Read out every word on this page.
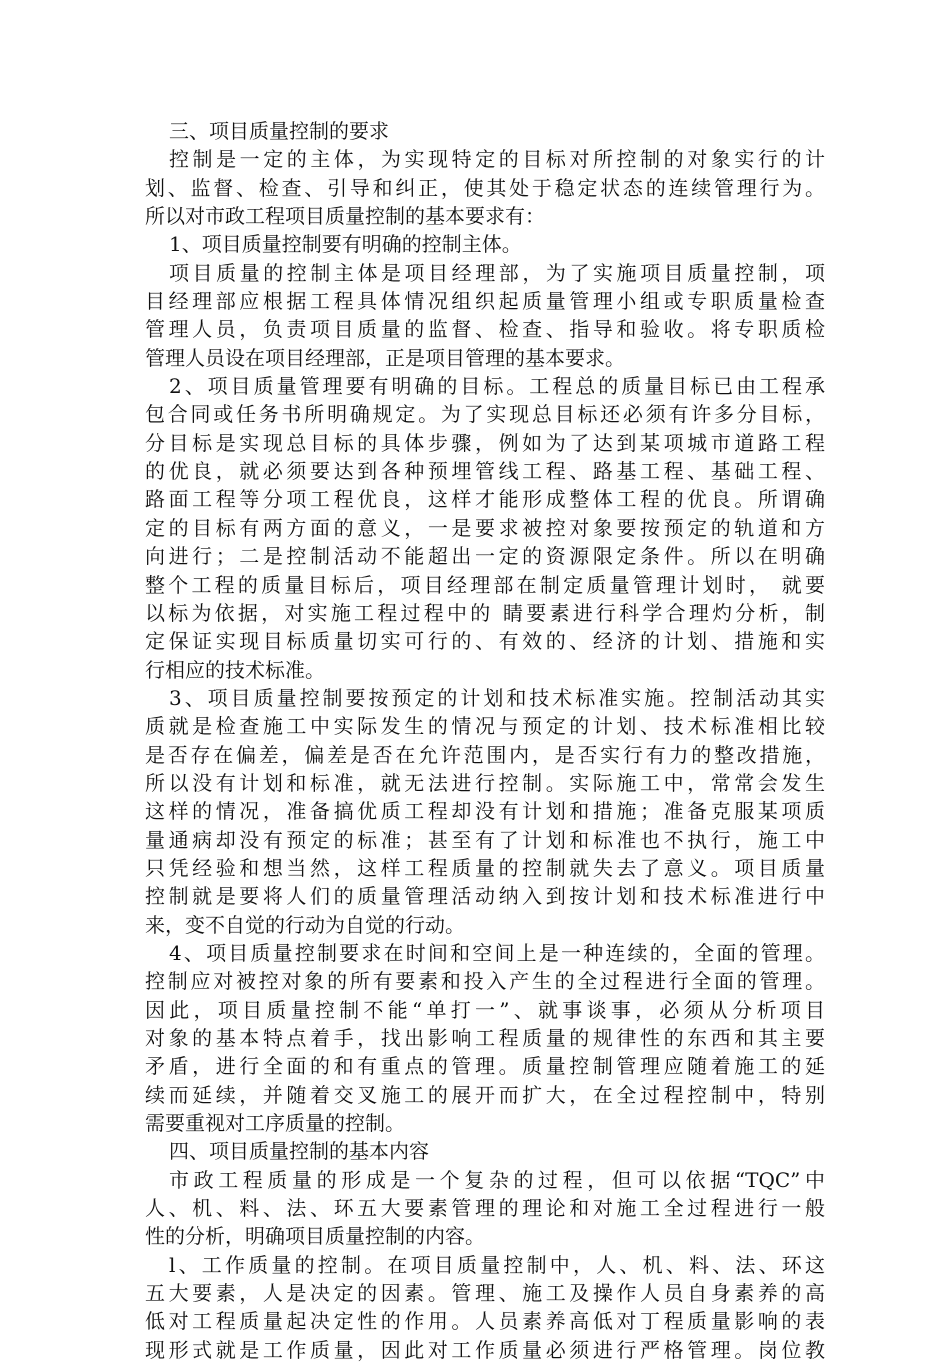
三、项目质量控制的要求
控制是一定的主体，为实现特定的目标对所控制的对象实行的计
划、监督、检查、引导和纠正，使其处于稳定状态的连续管理行为。
所以对市政工程项目质量控制的基本要求有：
1、项目质量控制要有明确的控制主体。
项目质量的控制主体是项目经理部，为了实施项目质量控制，项
目经理部应根据工程具体情况组织起质量管理小组或专职质量检查
管理人员，负责项目质量的监督、检查、指导和验收。将专职质检
管理人员设在项目经理部，正是项目管理的基本要求。
2、项目质量管理要有明确的目标。工程总的质量目标已由工程承
包合同或任务书所明确规定。为了实现总目标还必须有许多分目标，
分目标是实现总目标的具体步骤，例如为了达到某项城市道路工程
的优良，就必须要达到各种预埋管线工程、路基工程、基础工程、
路面工程等分项工程优良，这样才能形成整体工程的优良。所谓确
定的目标有两方面的意义，一是要求被控对象要按预定的轨道和方
向进行；二是控制活动不能超出一定的资源限定条件。所以在明确
整个工程的质量目标后，项目经理部在制定质量管理计划时， 就要
以标为依据，对实施工程过程中的 睛要素进行科学合理灼分析，制
定保证实现目标质量切实可行的、有效的、经济的计划、措施和实
行相应的技术标准。
3、项目质量控制要按预定的计划和技术标准实施。控制活动其实
质就是检查施工中实际发生的情况与预定的计划、技术标准相比较
是否存在偏差，偏差是否在允许范围内，是否实行有力的整改措施，
所以没有计划和标准，就无法进行控制。实际施工中，常常会发生
这样的情况，准备搞优质工程却没有计划和措施；准备克服某项质
量通病却没有预定的标准；甚至有了计划和标准也不执行，施工中
只凭经验和想当然，这样工程质量的控制就失去了意义。项目质量
控制就是要将人们的质量管理活动纳入到按计划和技术标准进行中
来，变不自觉的行动为自觉的行动。
4、项目质量控制要求在时间和空间上是一种连续的，全面的管理。
控制应对被控对象的所有要素和投入产生的全过程进行全面的管理。
因此，项目质量控制不能“单打一”、就事谈事，必须从分析项目
对象的基本特点着手，找出影响工程质量的规律性的东西和其主要
矛盾，进行全面的和有重点的管理。质量控制管理应随着施工的延
续而延续，并随着交叉施工的展开而扩大，在全过程控制中，特别
需要重视对工序质量的控制。
四、项目质量控制的基本内容
市政工程质量的形成是一个复杂的过程，但可以依据“TQC”中
人、机、料、法、环五大要素管理的理论和对施工全过程进行一般
性的分析，明确项目质量控制的内容。
l、工作质量的控制。在项目质量控制中，人、机、料、法、环这
五大要素，人是决定的因素。管理、施工及操作人员自身素养的高
低对工程质量起决定性的作用。人员素养高低对丁程质量影响的表
现形式就是工作质量，因此对工作质量必须进行严格管理。岗位教
